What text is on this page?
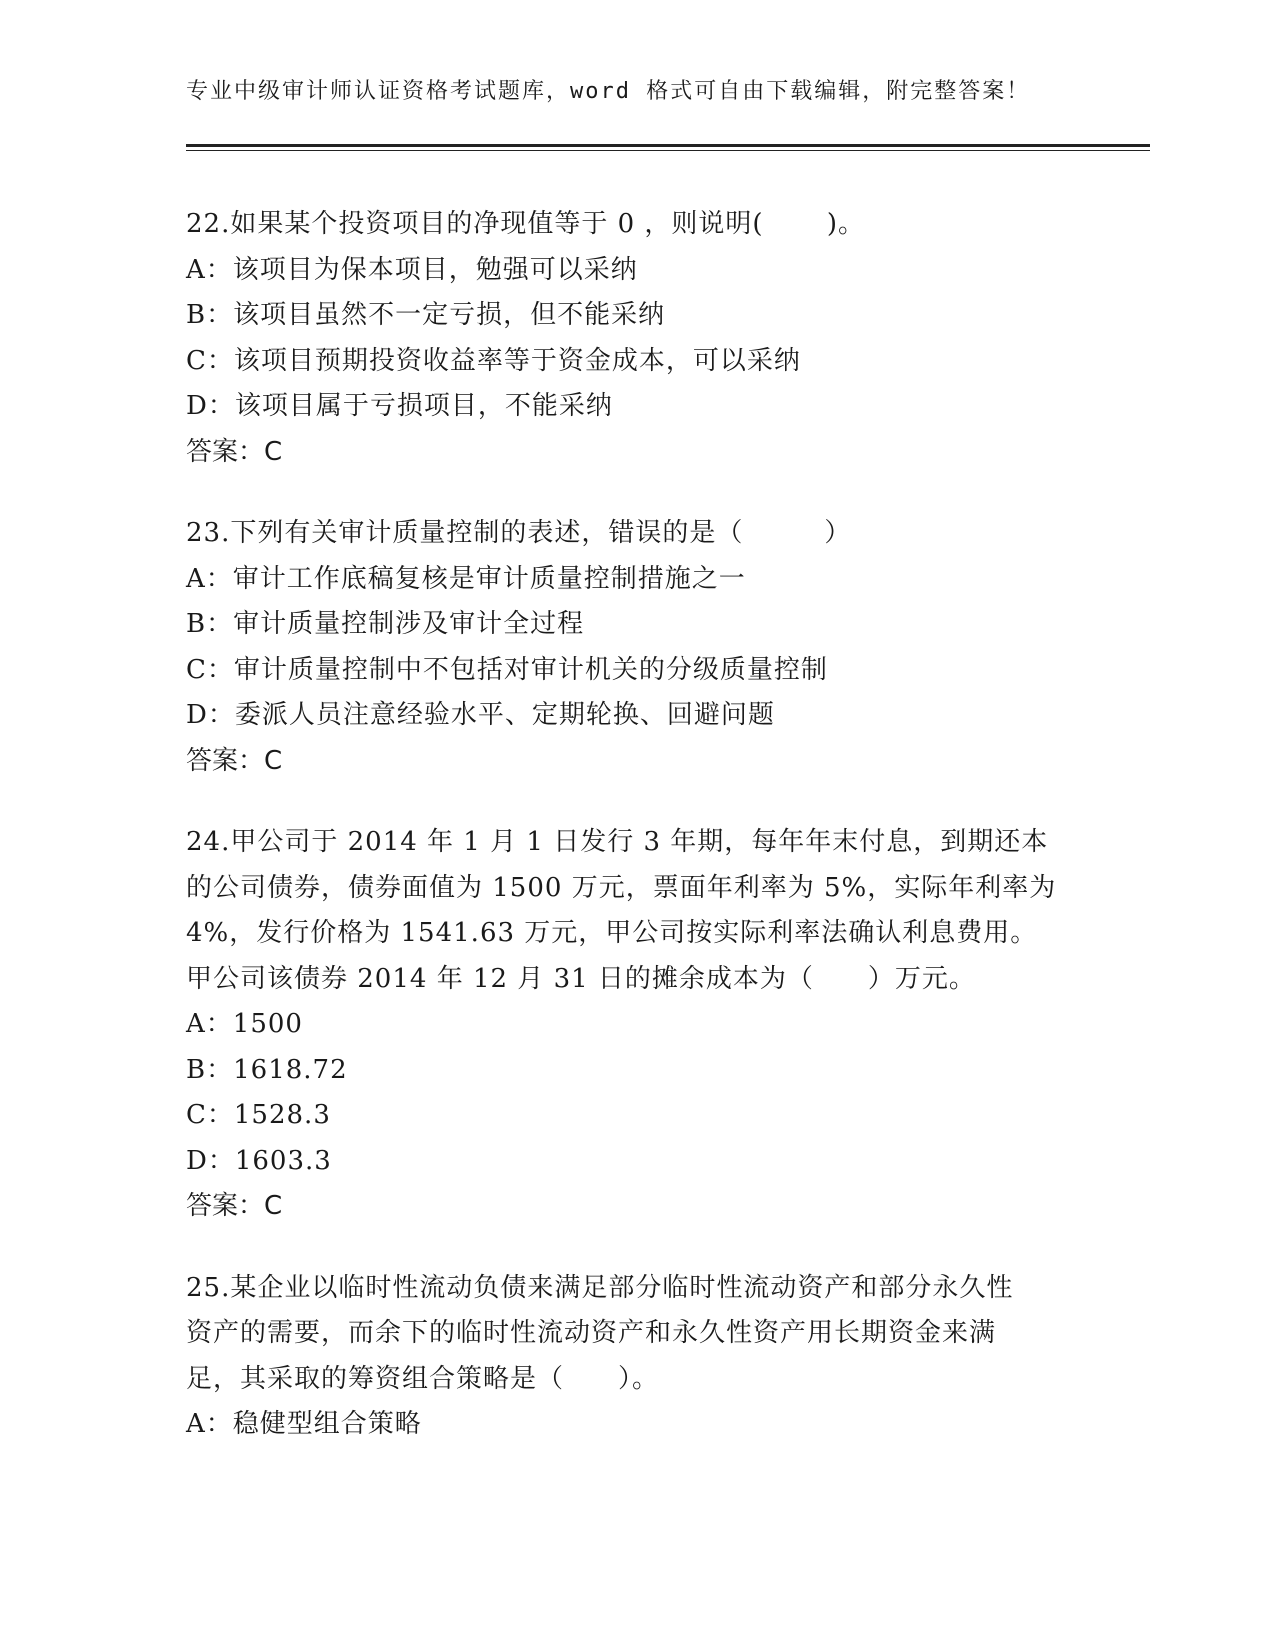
专业中级审计师认证资格考试题库，word 格式可自由下载编辑，附完整答案！
22.如果某个投资项目的净现值等于 0 ，则说明(　　 )。
A：该项目为保本项目，勉强可以采纳
B：该项目虽然不一定亏损，但不能采纳
C：该项目预期投资收益率等于资金成本，可以采纳
D：该项目属于亏损项目，不能采纳
答案：C
23.下列有关审计质量控制的表述，错误的是（　　　）
A：审计工作底稿复核是审计质量控制措施之一
B：审计质量控制涉及审计全过程
C：审计质量控制中不包括对审计机关的分级质量控制
D：委派人员注意经验水平、定期轮换、回避问题
答案：C
24.甲公司于 2014 年 1 月 1 日发行 3 年期，每年年末付息，到期还本
的公司债券，债券面值为 1500 万元，票面年利率为 5%，实际年利率为
4%，发行价格为 1541.63 万元，甲公司按实际利率法确认利息费用。
甲公司该债券 2014 年 12 月 31 日的摊余成本为（　　）万元。
A：1500
B：1618.72
C：1528.3
D：1603.3
答案：C
25.某企业以临时性流动负债来满足部分临时性流动资产和部分永久性
资产的需要，而余下的临时性流动资产和永久性资产用长期资金来满
足，其采取的筹资组合策略是（　　）。
A：稳健型组合策略
